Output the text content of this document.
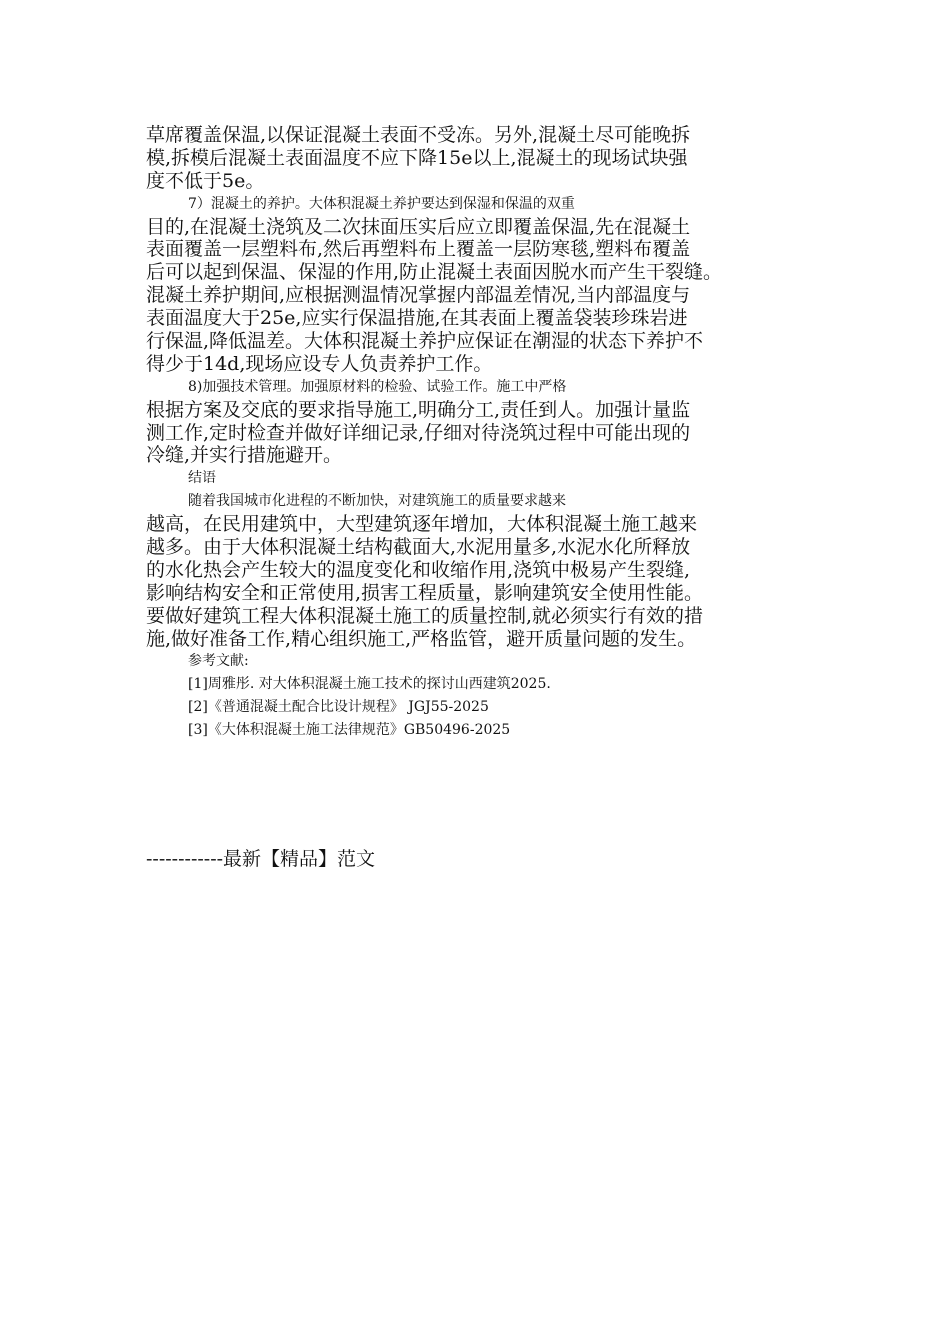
草席覆盖保温,以保证混凝土表面不受冻。另外,混凝土尽可能晚拆
模,拆模后混凝土表面温度不应下降15e以上,混凝土的现场试块强
度不低于5e。
7）混凝土的养护。大体积混凝土养护要达到保湿和保温的双重
目的,在混凝土浇筑及二次抹面压实后应立即覆盖保温,先在混凝土
表面覆盖一层塑料布,然后再塑料布上覆盖一层防寒毯,塑料布覆盖
后可以起到保温、保湿的作用,防止混凝土表面因脱水而产生干裂缝。
混凝土养护期间,应根据测温情况掌握内部温差情况,当内部温度与
表面温度大于25e,应实行保温措施,在其表面上覆盖袋装珍珠岩进
行保温,降低温差。大体积混凝土养护应保证在潮湿的状态下养护不
得少于14d,现场应设专人负责养护工作。
8)加强技术管理。加强原材料的检验、试验工作。施工中严格
根据方案及交底的要求指导施工,明确分工,责任到人。加强计量监
测工作,定时检查并做好详细记录,仔细对待浇筑过程中可能出现的
冷缝,并实行措施避开。
结语
随着我国城市化进程的不断加快，对建筑施工的质量要求越来
越高，在民用建筑中，大型建筑逐年增加，大体积混凝土施工越来
越多。由于大体积混凝土结构截面大,水泥用量多,水泥水化所释放
的水化热会产生较大的温度变化和收缩作用,浇筑中极易产生裂缝,
影响结构安全和正常使用,损害工程质量，影响建筑安全使用性能。
要做好建筑工程大体积混凝土施工的质量控制,就必须实行有效的措
施,做好准备工作,精心组织施工,严格监管，避开质量问题的发生。
参考文献:
[1]周雅彤. 对大体积混凝土施工技术的探讨山西建筑2025.
[2]《普通混凝土配合比设计规程》 JGJ55-2025
[3]《大体积混凝土施工法律规范》GB50496-2025
------------最新【精品】范文
